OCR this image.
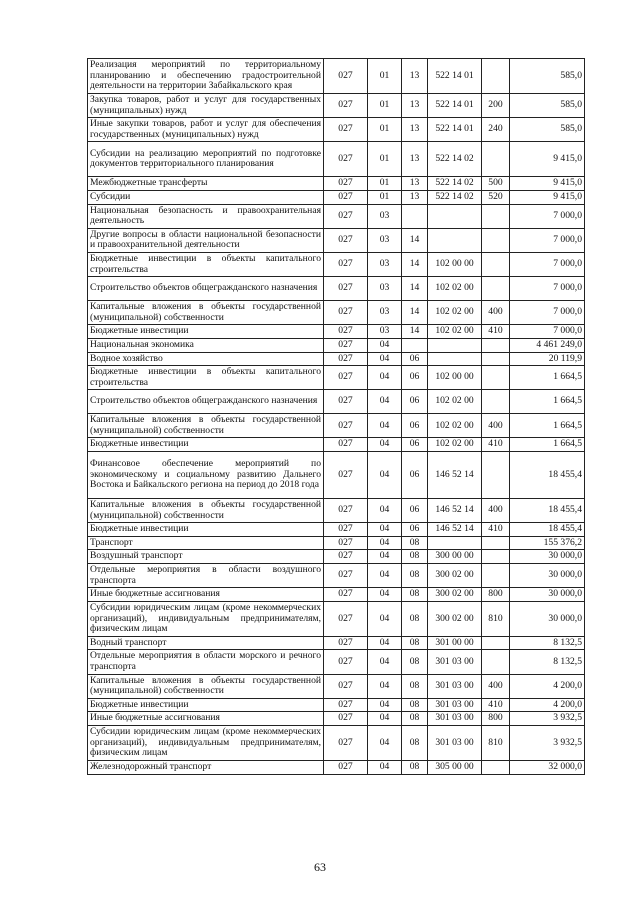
Реализация мероприятий по территориальному планированию и обеспечению градостроительной деятельности на территории Забайкальского края	027	01	13	522 14 01		585,0
Закупка товаров, работ и услуг для государственных (муниципальных) нужд	027	01	13	522 14 01	200	585,0
Иные закупки товаров, работ и услуг для обеспечения государственных (муниципальных) нужд	027	01	13	522 14 01	240	585,0
Субсидии на реализацию мероприятий по подготовке документов территориального планирования	027	01	13	522 14 02		9 415,0
Межбюджетные трансферты	027	01	13	522 14 02	500	9 415,0
Субсидии	027	01	13	522 14 02	520	9 415,0
Национальная безопасность и правоохранительная деятельность	027	03				7 000,0
Другие вопросы в области национальной безопасности и правоохранительной деятельности	027	03	14			7 000,0
Бюджетные инвестиции в объекты капитального строительства	027	03	14	102 00 00		7 000,0
Строительство объектов общегражданского назначения	027	03	14	102 02 00		7 000,0
Капитальные вложения в объекты государственной (муниципальной) собственности	027	03	14	102 02 00	400	7 000,0
Бюджетные инвестиции	027	03	14	102 02 00	410	7 000,0
Национальная экономика	027	04				4 461 249,0
Водное хозяйство	027	04	06			20 119,9
Бюджетные инвестиции в объекты капитального строительства	027	04	06	102 00 00		1 664,5
Строительство объектов общегражданского назначения	027	04	06	102 02 00		1 664,5
Капитальные вложения в объекты государственной (муниципальной) собственности	027	04	06	102 02 00	400	1 664,5
Бюджетные инвестиции	027	04	06	102 02 00	410	1 664,5
Финансовое обеспечение мероприятий по экономическому и социальному развитию Дальнего Востока и Байкальского региона на период до 2018 года	027	04	06	146 52 14		18 455,4
Капитальные вложения в объекты государственной (муниципальной) собственности	027	04	06	146 52 14	400	18 455,4
Бюджетные инвестиции	027	04	06	146 52 14	410	18 455,4
Транспорт	027	04	08			155 376,2
Воздушный транспорт	027	04	08	300 00 00		30 000,0
Отдельные мероприятия в области воздушного транспорта	027	04	08	300 02 00		30 000,0
Иные бюджетные ассигнования	027	04	08	300 02 00	800	30 000,0
Субсидии юридическим лицам (кроме некоммерческих организаций), индивидуальным предпринимателям, физическим лицам	027	04	08	300 02 00	810	30 000,0
Водный транспорт	027	04	08	301 00 00		8 132,5
Отдельные мероприятия в области морского и речного транспорта	027	04	08	301 03 00		8 132,5
Капитальные вложения в объекты государственной (муниципальной) собственности	027	04	08	301 03 00	400	4 200,0
Бюджетные инвестиции	027	04	08	301 03 00	410	4 200,0
Иные бюджетные ассигнования	027	04	08	301 03 00	800	3 932,5
Субсидии юридическим лицам (кроме некоммерческих организаций), индивидуальным предпринимателям, физическим лицам	027	04	08	301 03 00	810	3 932,5
Железнодорожный транспорт	027	04	08	305 00 00		32 000,0
63
